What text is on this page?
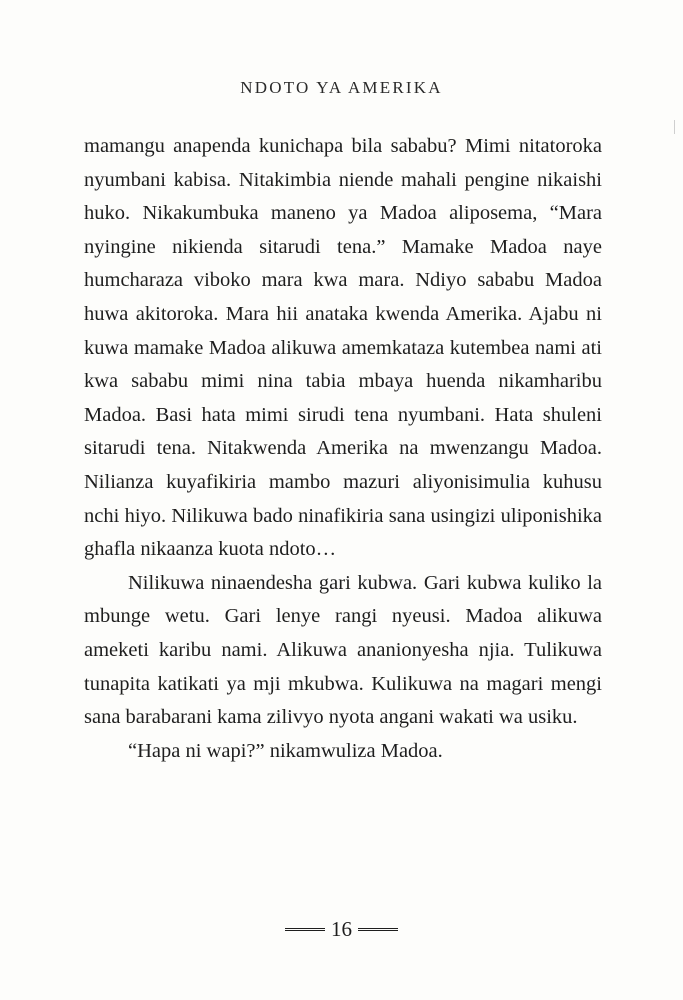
NDOTO YA AMERIKA

mamangu anapenda kunichapa bila sababu? Mimi nitatoroka nyumbani kabisa. Nitakimbia niende mahali pengine nikaishi huko. Nikakumbuka maneno ya Madoa aliposema, “Mara nyingine nikienda sitarudi tena.” Mamake Madoa naye humcharaza viboko mara kwa mara. Ndiyo sababu Madoa huwa akitoroka. Mara hii anataka kwenda Amerika. Ajabu ni kuwa mamake Madoa alikuwa amemkataza kutembea nami ati kwa sababu mimi nina tabia mbaya huenda nikamharibu Madoa. Basi hata mimi sirudi tena nyumbani. Hata shuleni sitarudi tena. Nitakwenda Amerika na mwenzangu Madoa. Nilianza kuyafikiria mambo mazuri aliyonisimulia kuhusu nchi hiyo. Nilikuwa bado ninafikiria sana usingizi uliponishika ghafla nikaanza kuota ndoto…

Nilikuwa ninaendesha gari kubwa. Gari kubwa kuliko la mbunge wetu. Gari lenye rangi nyeusi. Madoa alikuwa ameketi karibu nami. Alikuwa ananionyesha njia. Tulikuwa tunapita katikati ya mji mkubwa. Kulikuwa na magari mengi sana barabarani kama zilivyo nyota angani wakati wa usiku.

“Hapa ni wapi?” nikamwuliza Madoa.

16
